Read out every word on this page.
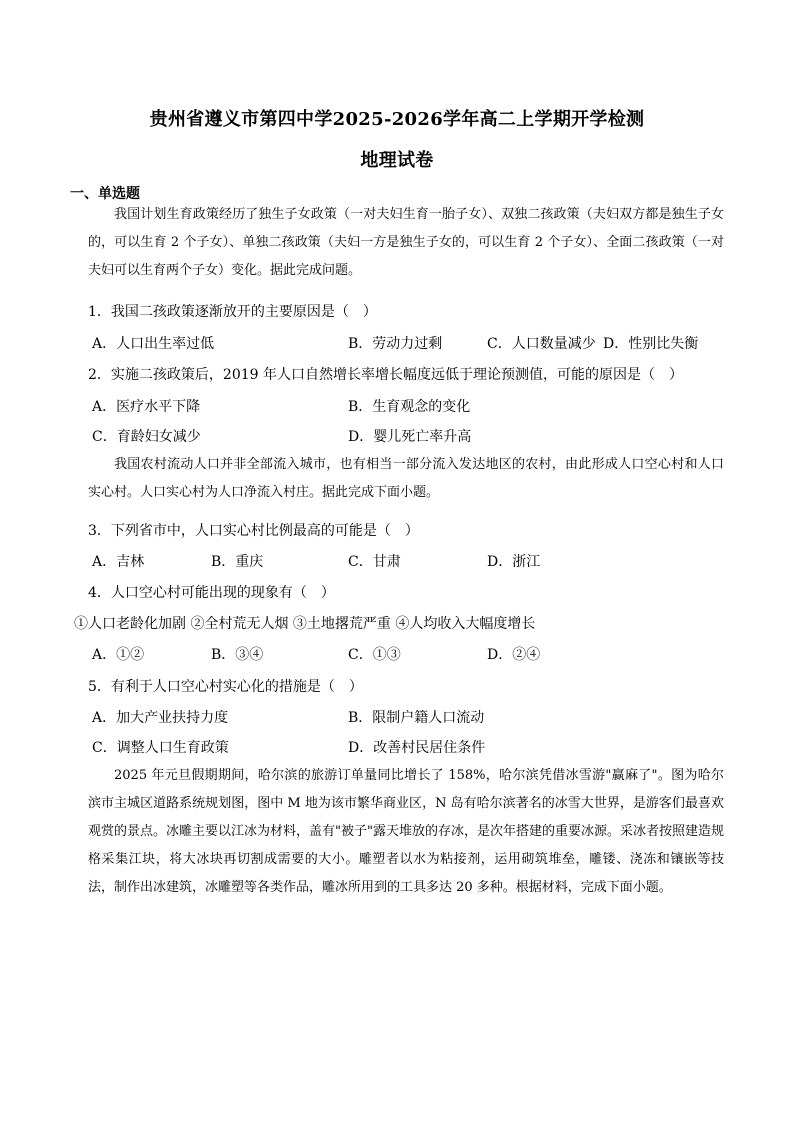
贵州省遵义市第四中学2025-2026学年高二上学期开学检测
地理试卷
一、单选题
我国计划生育政策经历了独生子女政策（一对夫妇生育一胎子女）、双独二孩政策（夫妇双方都是独生子女的，可以生育 2 个子女）、单独二孩政策（夫妇一方是独生子女的，可以生育 2 个子女）、全面二孩政策（一对夫妇可以生育两个子女）变化。据此完成问题。
1．我国二孩政策逐渐放开的主要原因是（　）
A．人口出生率过低	B．劳动力过剩	C．人口数量减少 D．性别比失衡
2．实施二孩政策后，2019 年人口自然增长率增长幅度远低于理论预测值，可能的原因是（　）
A．医疗水平下降	B．生育观念的变化
C．育龄妇女减少	D．婴儿死亡率升高
我国农村流动人口并非全部流入城市，也有相当一部分流入发达地区的农村，由此形成人口空心村和人口实心村。人口实心村为人口净流入村庄。据此完成下面小题。
3．下列省市中，人口实心村比例最高的可能是（　）
A．吉林	B．重庆	C．甘肃	D．浙江
4．人口空心村可能出现的现象有（　）
①人口老龄化加剧 ②全村荒无人烟 ③土地撂荒严重 ④人均收入大幅度增长
A．①②	B．③④	C．①③	D．②④
5．有利于人口空心村实心化的措施是（　）
A．加大产业扶持力度	B．限制户籍人口流动
C．调整人口生育政策	D．改善村民居住条件
2025 年元旦假期期间，哈尔滨的旅游订单量同比增长了 158%，哈尔滨凭借冰雪游"赢麻了"。图为哈尔滨市主城区道路系统规划图，图中 M 地为该市繁华商业区，N 岛有哈尔滨著名的冰雪大世界，是游客们最喜欢观赏的景点。冰雕主要以江冰为材料，盖有"被子"露天堆放的存冰，是次年搭建的重要冰源。采冰者按照建造规格采集江块，将大冰块再切割成需要的大小。雕塑者以水为粘接剂，运用砌筑堆垒，雕镂、浇冻和镶嵌等技法，制作出冰建筑，冰雕塑等各类作品，雕冰所用到的工具多达 20 多种。根据材料，完成下面小题。
